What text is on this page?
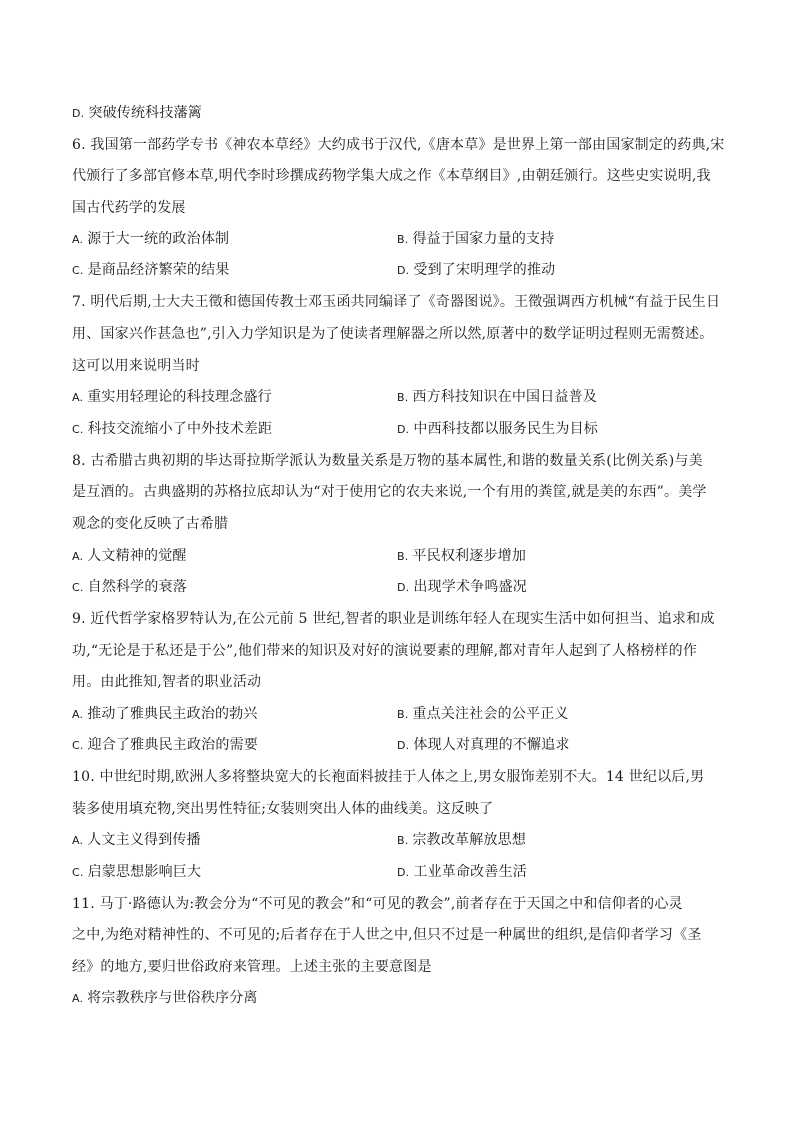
D. 突破传统科技藩篱
6. 我国第一部药学专书《神农本草经》大约成书于汉代,《唐本草》是世界上第一部由国家制定的药典,宋
代颁行了多部官修本草,明代李时珍撰成药物学集大成之作《本草纲目》,由朝廷颁行。这些史实说明,我
国古代药学的发展
A. 源于大一统的政治体制	B. 得益于国家力量的支持
C. 是商品经济繁荣的结果	D. 受到了宋明理学的推动
7. 明代后期,士大夫王徵和德国传教士邓玉函共同编译了《奇器图说》。王徵强调西方机械“有益于民生日
用、国家兴作甚急也”,引入力学知识是为了使读者理解器之所以然,原著中的数学证明过程则无需赘述。
这可以用来说明当时
A. 重实用轻理论的科技理念盛行	B. 西方科技知识在中国日益普及
C. 科技交流缩小了中外技术差距	D. 中西科技都以服务民生为目标
8. 古希腊古典初期的毕达哥拉斯学派认为数量关系是万物的基本属性,和谐的数量关系(比例关系)与美
是互酒的。古典盛期的苏格拉底却认为“对于使用它的农夫来说,一个有用的粪筐,就是美的东西”。美学
观念的变化反映了古希腊
A. 人文精神的觉醒	B. 平民权利逐步增加
C. 自然科学的衰落	D. 出现学术争鸣盛况
9. 近代哲学家格罗特认为,在公元前 5 世纪,智者的职业是训练年轻人在现实生活中如何担当、追求和成
功,“无论是于私还是于公”,他们带来的知识及对好的演说要素的理解,都对青年人起到了人格榜样的作
用。由此推知,智者的职业活动
A. 推动了雅典民主政治的勃兴	B. 重点关注社会的公平正义
C. 迎合了雅典民主政治的需要	D. 体现人对真理的不懈追求
10. 中世纪时期,欧洲人多将整块宽大的长袍面料披挂于人体之上,男女服饰差别不大。14 世纪以后,男
装多使用填充物,突出男性特征;女装则突出人体的曲线美。这反映了
A. 人文主义得到传播	B. 宗教改革解放思想
C. 启蒙思想影响巨大	D. 工业革命改善生活
11. 马丁·路德认为:教会分为“不可见的教会”和“可见的教会”,前者存在于天国之中和信仰者的心灵
之中,为绝对精神性的、不可见的;后者存在于人世之中,但只不过是一种属世的组织,是信仰者学习《圣
经》的地方,要归世俗政府来管理。上述主张的主要意图是
A. 将宗教秩序与世俗秩序分离
